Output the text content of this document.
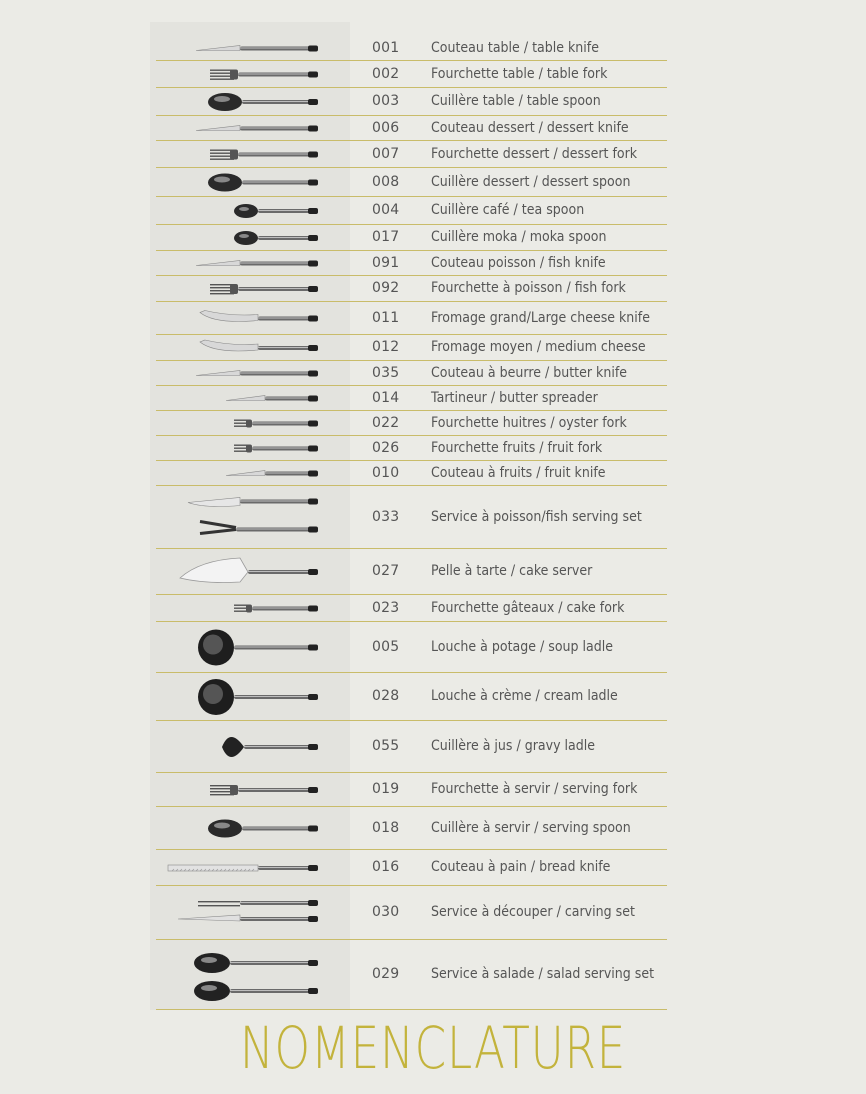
001 Couteau table / table knife
002 Fourchette table / table fork
003 Cuillère table / table spoon
006 Couteau dessert / dessert knife
007 Fourchette dessert / dessert fork
008 Cuillère dessert / dessert spoon
004 Cuillère café / tea spoon
017 Cuillère moka / moka spoon
091 Couteau poisson / fish knife
092 Fourchette à poisson / fish fork
011 Fromage grand/Large cheese knife
012 Fromage moyen / medium cheese
035 Couteau à beurre / butter knife
014 Tartineur / butter spreader
022 Fourchette huitres / oyster fork
026 Fourchette fruits / fruit fork
010 Couteau à fruits / fruit knife
033 Service à poisson/fish serving set
027 Pelle à tarte / cake server
023 Fourchette gâteaux / cake fork
005 Louche à potage / soup ladle
028 Louche à crème / cream ladle
055 Cuillère à jus / gravy ladle
019 Fourchette à servir / serving fork
018 Cuillère à servir / serving spoon
016 Couteau à pain / bread knife
030 Service à découper / carving set
029 Service à salade / salad serving set
NOMENCLATURE
